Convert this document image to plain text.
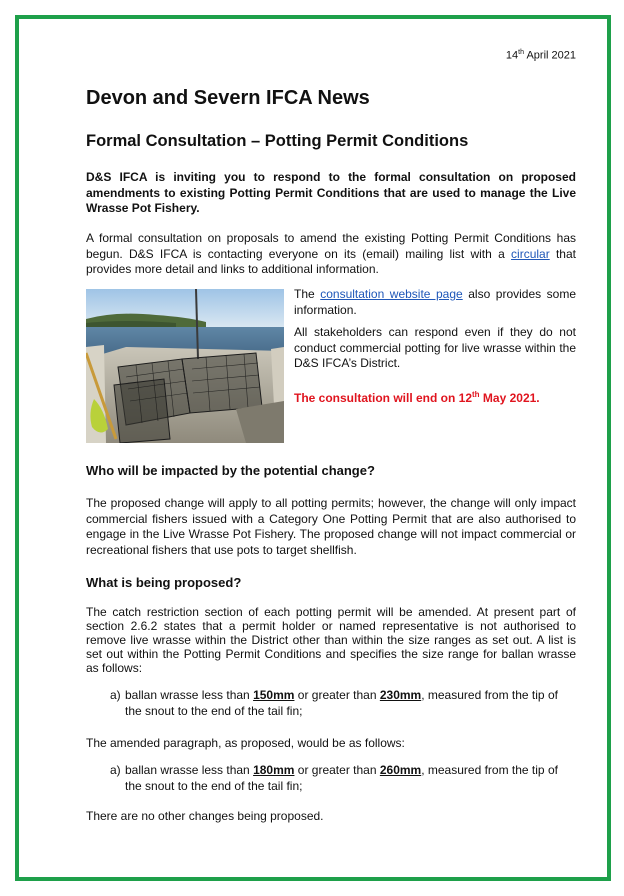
14th April 2021
Devon and Severn IFCA News
Formal Consultation – Potting Permit Conditions

D&S IFCA is inviting you to respond to the formal consultation on proposed amendments to existing Potting Permit Conditions that are used to manage the Live Wrasse Pot Fishery.

A formal consultation on proposals to amend the existing Potting Permit Conditions has begun. D&S IFCA is contacting everyone on its (email) mailing list with a circular that provides more detail and links to additional information.

The consultation website page also provides some information.

All stakeholders can respond even if they do not conduct commercial potting for live wrasse within the D&S IFCA’s District.

The consultation will end on 12th May 2021.

Who will be impacted by the potential change?

The proposed change will apply to all potting permits; however, the change will only impact commercial fishers issued with a Category One Potting Permit that are also authorised to engage in the Live Wrasse Pot Fishery. The proposed change will not impact commercial or recreational fishers that use pots to target shellfish.

What is being proposed?

The catch restriction section of each potting permit will be amended. At present part of section 2.6.2 states that a permit holder or named representative is not authorised to remove live wrasse within the District other than within the size ranges as set out. A list is set out within the Potting Permit Conditions and specifies the size range for ballan wrasse as follows:

a) ballan wrasse less than 150mm or greater than 230mm, measured from the tip of the snout to the end of the tail fin;

The amended paragraph, as proposed, would be as follows:

a) ballan wrasse less than 180mm or greater than 260mm, measured from the tip of the snout to the end of the tail fin;

There are no other changes being proposed.
